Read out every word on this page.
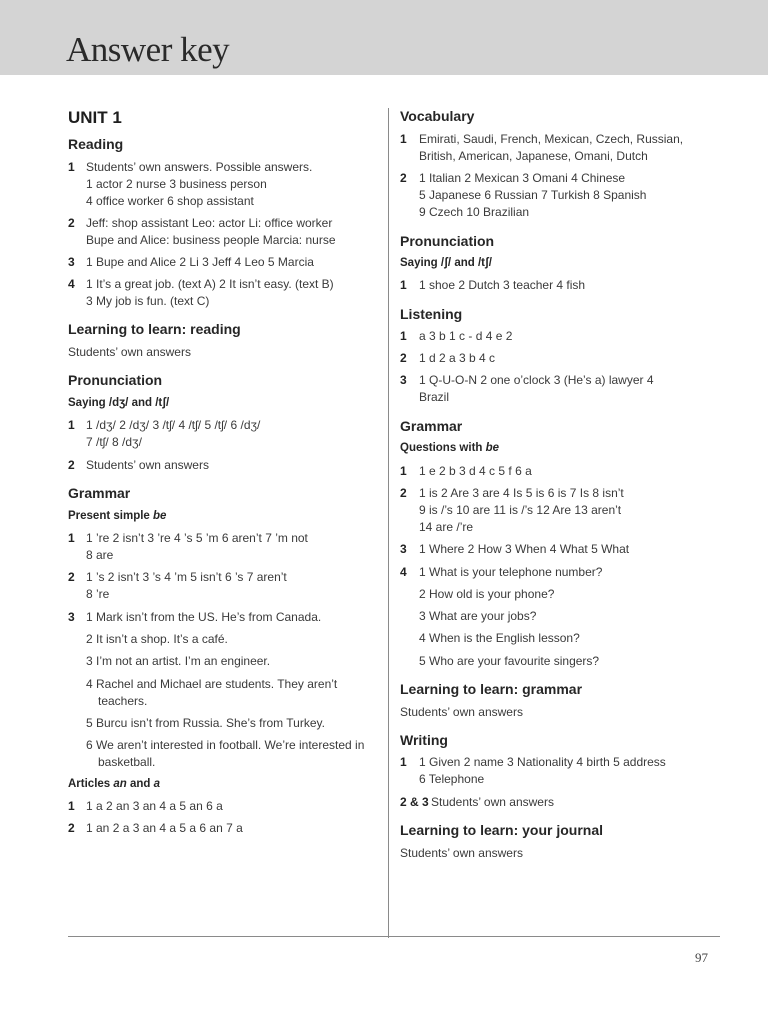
Answer key
97
UNIT 1
Reading
1 Students’ own answers. Possible answers.
1 actor 2 nurse 3 business person
4 office worker 6 shop assistant
2 Jeff: shop assistant Leo: actor Li: office worker
Bupe and Alice: business people Marcia: nurse
3 1 Bupe and Alice 2 Li 3 Jeff 4 Leo 5 Marcia
4 1 It’s a great job. (text A) 2 It isn’t easy. (text B)
3 My job is fun. (text C)
Learning to learn: reading
Students’ own answers
Pronunciation
Saying /dʒ/ and /tʃ/
1 1 /dʒ/ 2 /dʒ/ 3 /tʃ/ 4 /tʃ/ 5 /tʃ/ 6 /dʒ/
7 /tʃ/ 8 /dʒ/
2 Students’ own answers
Grammar
Present simple be
1 1 ’re 2 isn’t 3 ’re 4 ’s 5 ’m 6 aren’t 7 ’m not
8 are
2 1 ’s 2 isn’t 3 ’s 4 ’m 5 isn’t 6 ’s 7 aren’t
8 ’re
3 1 Mark isn’t from the US. He’s from Canada.
2 It isn’t a shop. It’s a café.
3 I’m not an artist. I’m an engineer.
4 Rachel and Michael are students. They aren’t
teachers.
5 Burcu isn’t from Russia. She’s from Turkey.
6 We aren’t interested in football. We’re interested in
basketball.
Articles an and a
1 1 a 2 an 3 an 4 a 5 an 6 a
2 1 an 2 a 3 an 4 a 5 a 6 an 7 a
Vocabulary
1 Emirati, Saudi, French, Mexican, Czech, Russian,
British, American, Japanese, Omani, Dutch
2 1 Italian 2 Mexican 3 Omani 4 Chinese
5 Japanese 6 Russian 7 Turkish 8 Spanish
9 Czech 10 Brazilian
Pronunciation
Saying /ʃ/ and /tʃ/
1 1 shoe 2 Dutch 3 teacher 4 fish
Listening
1 a 3 b 1 c - d 4 e 2
2 1 d 2 a 3 b 4 c
3 1 Q-U-O-N 2 one o’clock 3 (He’s a) lawyer 4
Brazil
Grammar
Questions with be
1 1 e 2 b 3 d 4 c 5 f 6 a
2 1 is 2 Are 3 are 4 Is 5 is 6 is 7 Is 8 isn’t
9 is /’s 10 are 11 is /’s 12 Are 13 aren’t
14 are /’re
3 1 Where 2 How 3 When 4 What 5 What
4 1 What is your telephone number?
2 How old is your phone?
3 What are your jobs?
4 When is the English lesson?
5 Who are your favourite singers?
Learning to learn: grammar
Students’ own answers
Writing
1 1 Given 2 name 3 Nationality 4 birth 5 address
6 Telephone
2 & 3 Students’ own answers
Learning to learn: your journal
Students’ own answers
